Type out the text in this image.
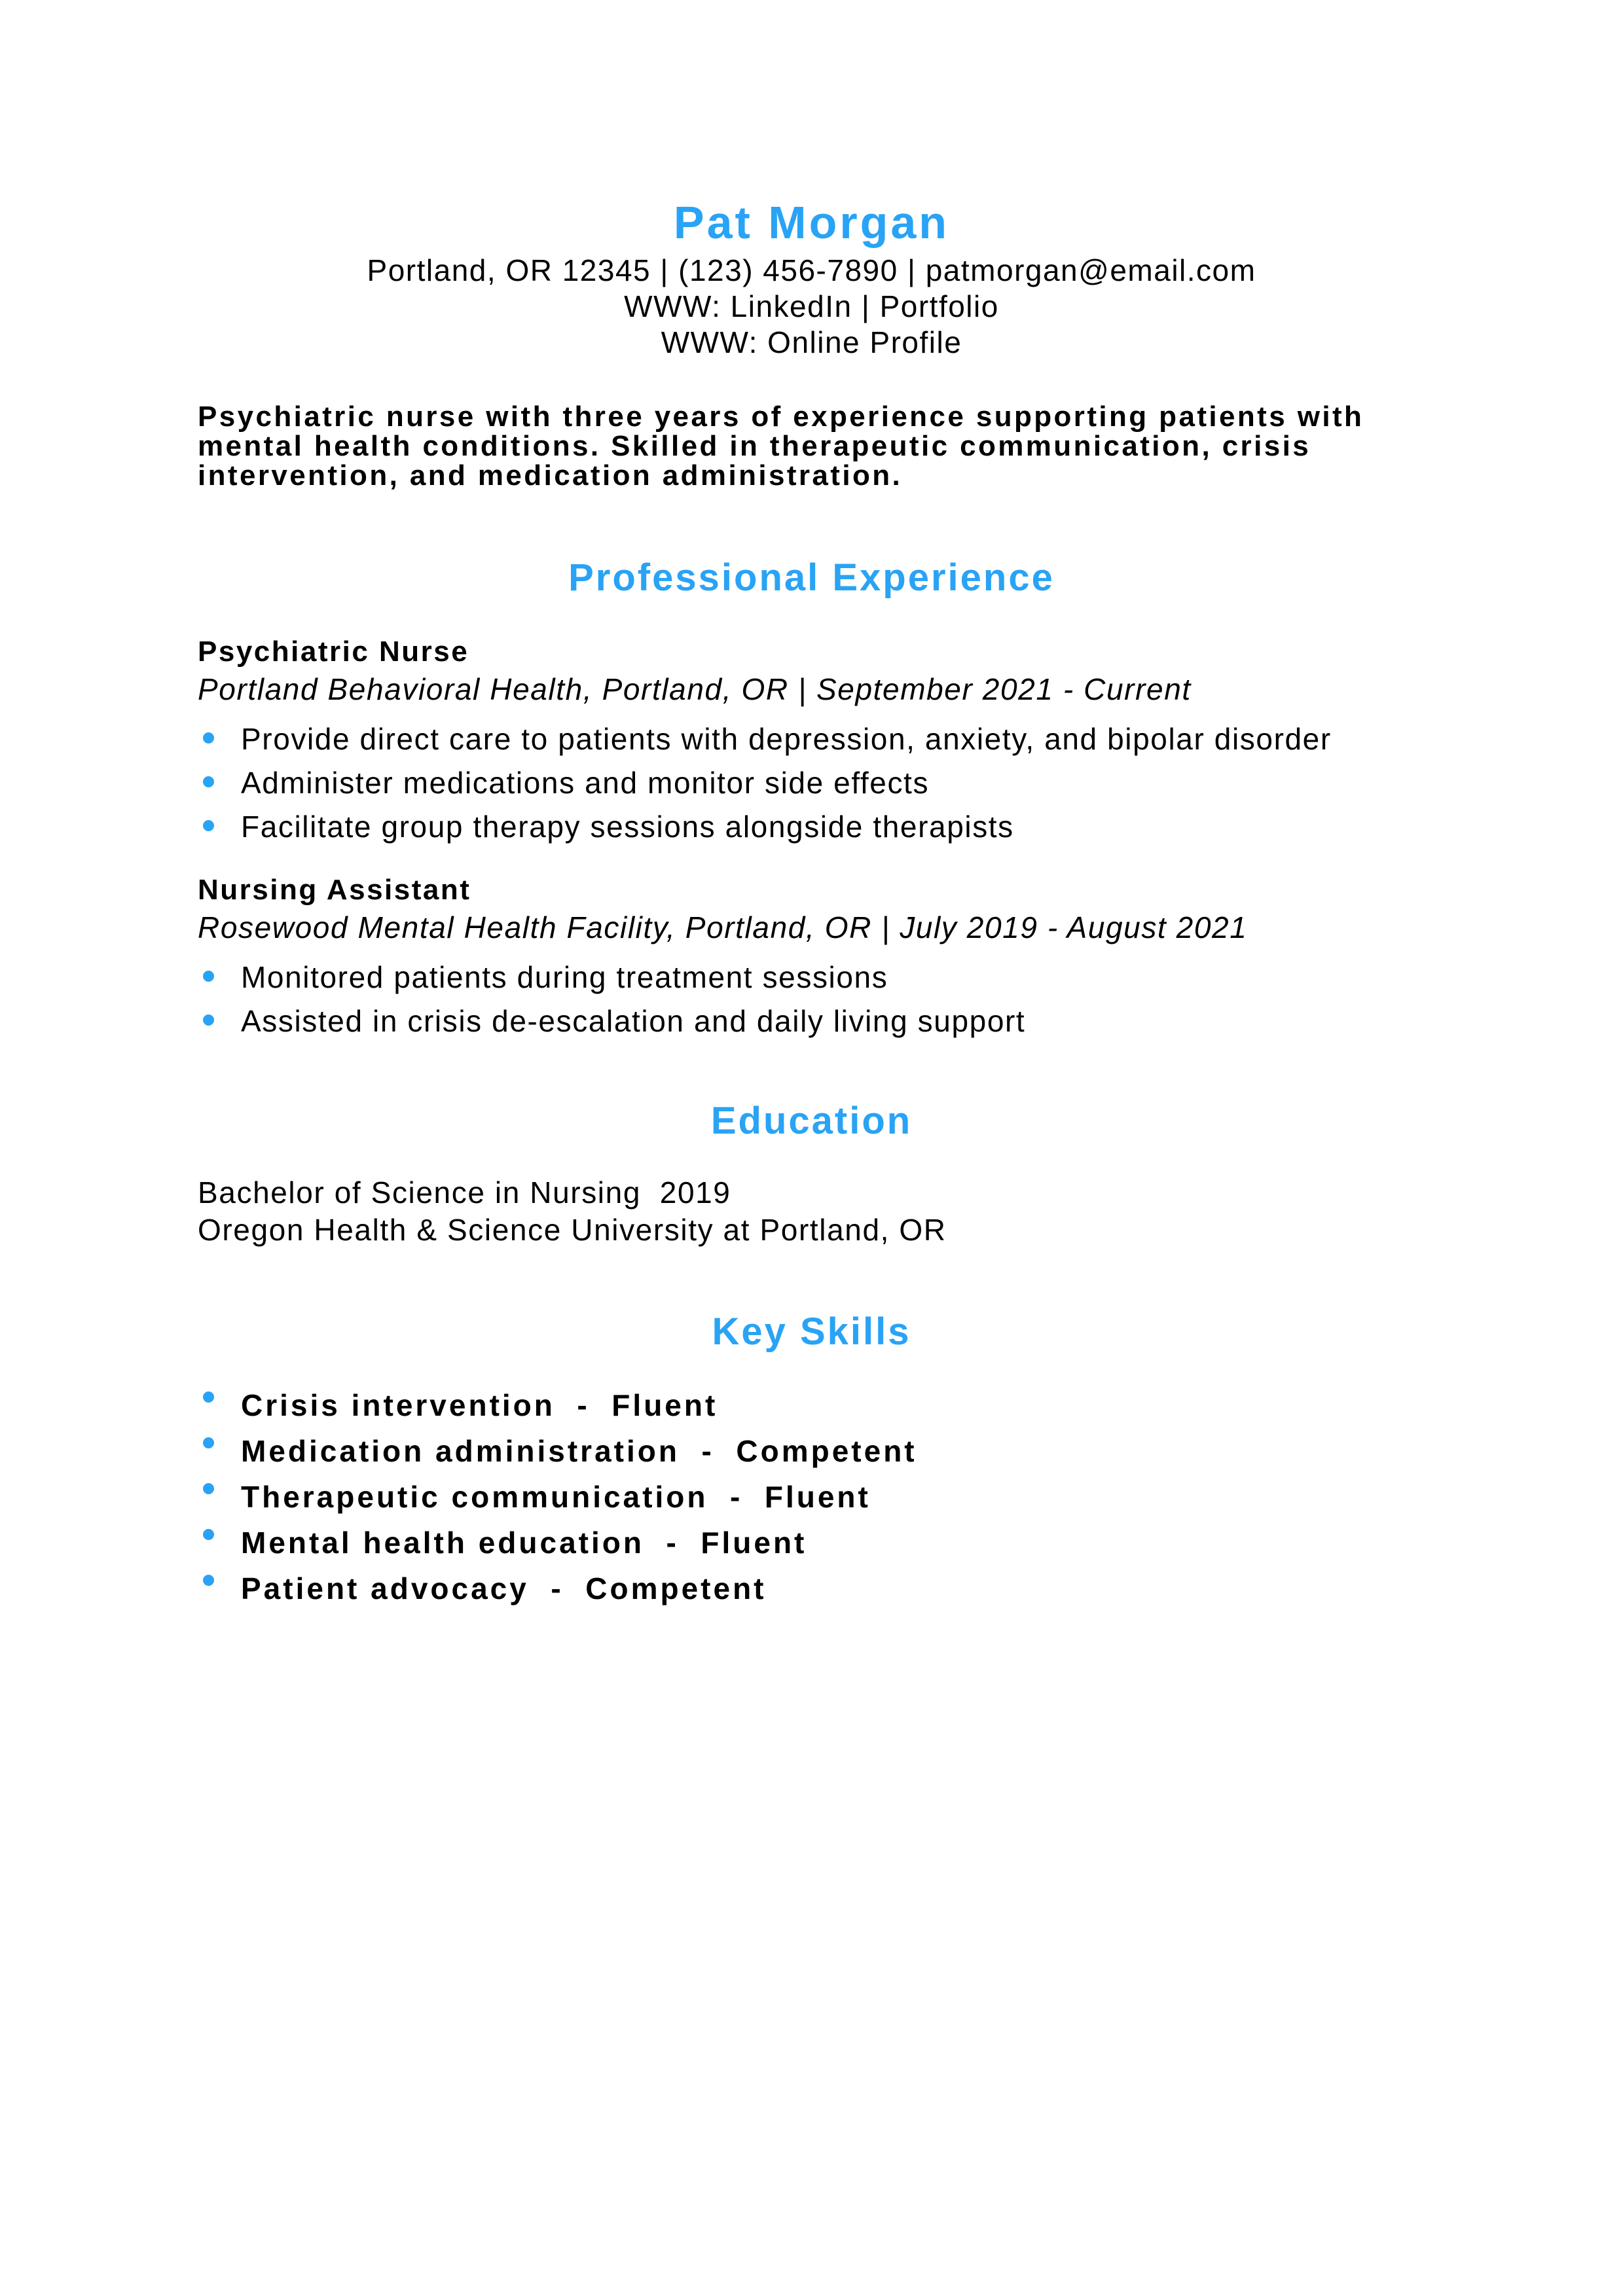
Pat Morgan
Portland, OR 12345 | (123) 456-7890 | patmorgan@email.com
WWW: LinkedIn | Portfolio
WWW: Online Profile
Psychiatric nurse with three years of experience supporting patients with mental health conditions. Skilled in therapeutic communication, crisis intervention, and medication administration.
Professional Experience
Psychiatric Nurse
Portland Behavioral Health, Portland, OR | September 2021 - Current
Provide direct care to patients with depression, anxiety, and bipolar disorder
Administer medications and monitor side effects
Facilitate group therapy sessions alongside therapists
Nursing Assistant
Rosewood Mental Health Facility, Portland, OR | July 2019 - August 2021
Monitored patients during treatment sessions
Assisted in crisis de-escalation and daily living support
Education
Bachelor of Science in Nursing  2019
Oregon Health & Science University at Portland, OR
Key Skills
Crisis intervention  -  Fluent
Medication administration  -  Competent
Therapeutic communication  -  Fluent
Mental health education  -  Fluent
Patient advocacy  -  Competent
